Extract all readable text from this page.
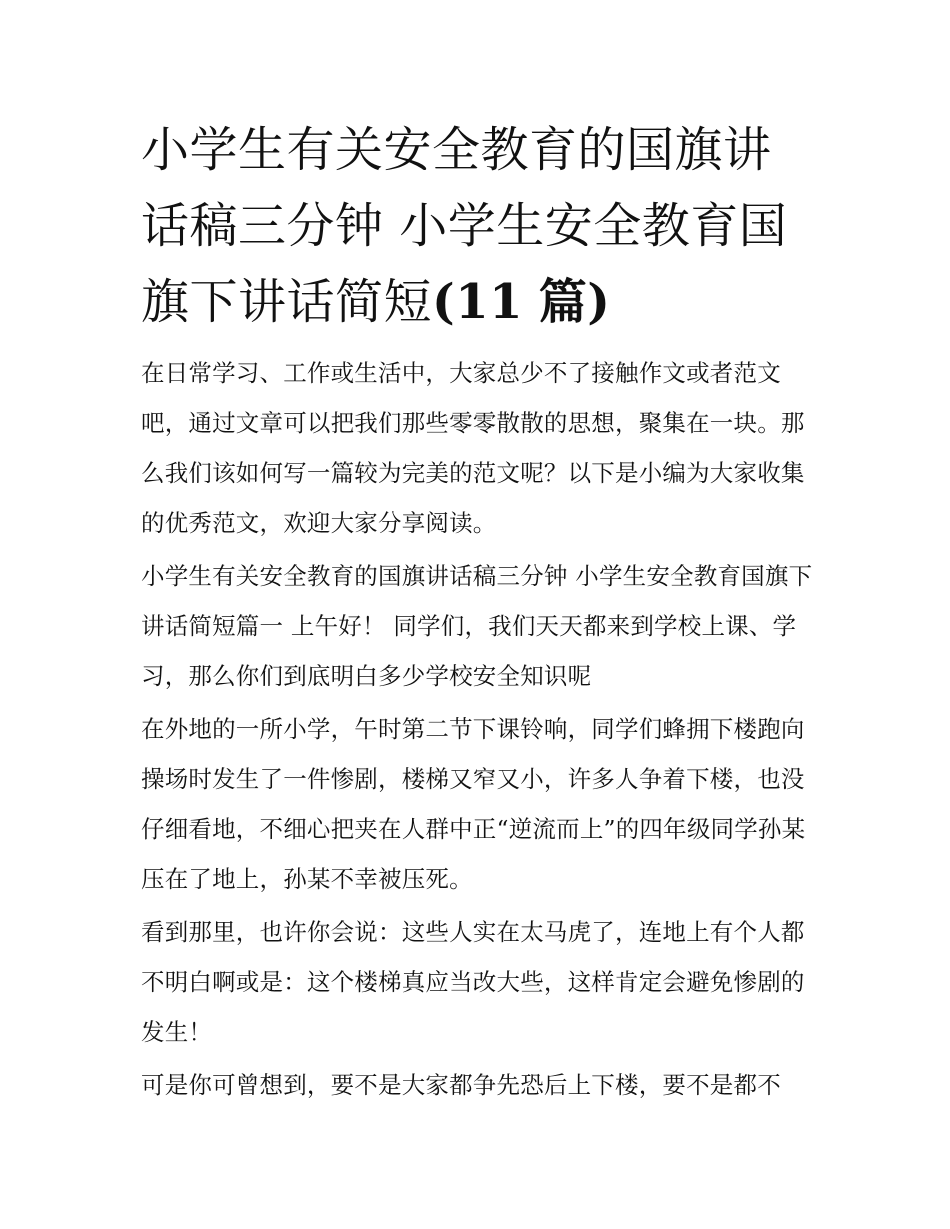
小学生有关安全教育的国旗讲话稿三分钟 小学生安全教育国旗下讲话简短(11 篇)

在日常学习、工作或生活中，大家总少不了接触作文或者范文吧，通过文章可以把我们那些零零散散的思想，聚集在一块。那么我们该如何写一篇较为完美的范文呢？以下是小编为大家收集的优秀范文，欢迎大家分享阅读。

小学生有关安全教育的国旗讲话稿三分钟 小学生安全教育国旗下讲话简短篇一 上午好！ 同学们，我们天天都来到学校上课、学习，那么你们到底明白多少学校安全知识呢

在外地的一所小学，午时第二节下课铃响，同学们蜂拥下楼跑向操场时发生了一件惨剧，楼梯又窄又小，许多人争着下楼，也没仔细看地，不细心把夹在人群中正“逆流而上”的四年级同学孙某压在了地上，孙某不幸被压死。

看到那里，也许你会说：这些人实在太马虎了，连地上有个人都不明白啊或是：这个楼梯真应当改大些，这样肯定会避免惨剧的发生！

可是你可曾想到，要不是大家都争先恐后上下楼，要不是都不
